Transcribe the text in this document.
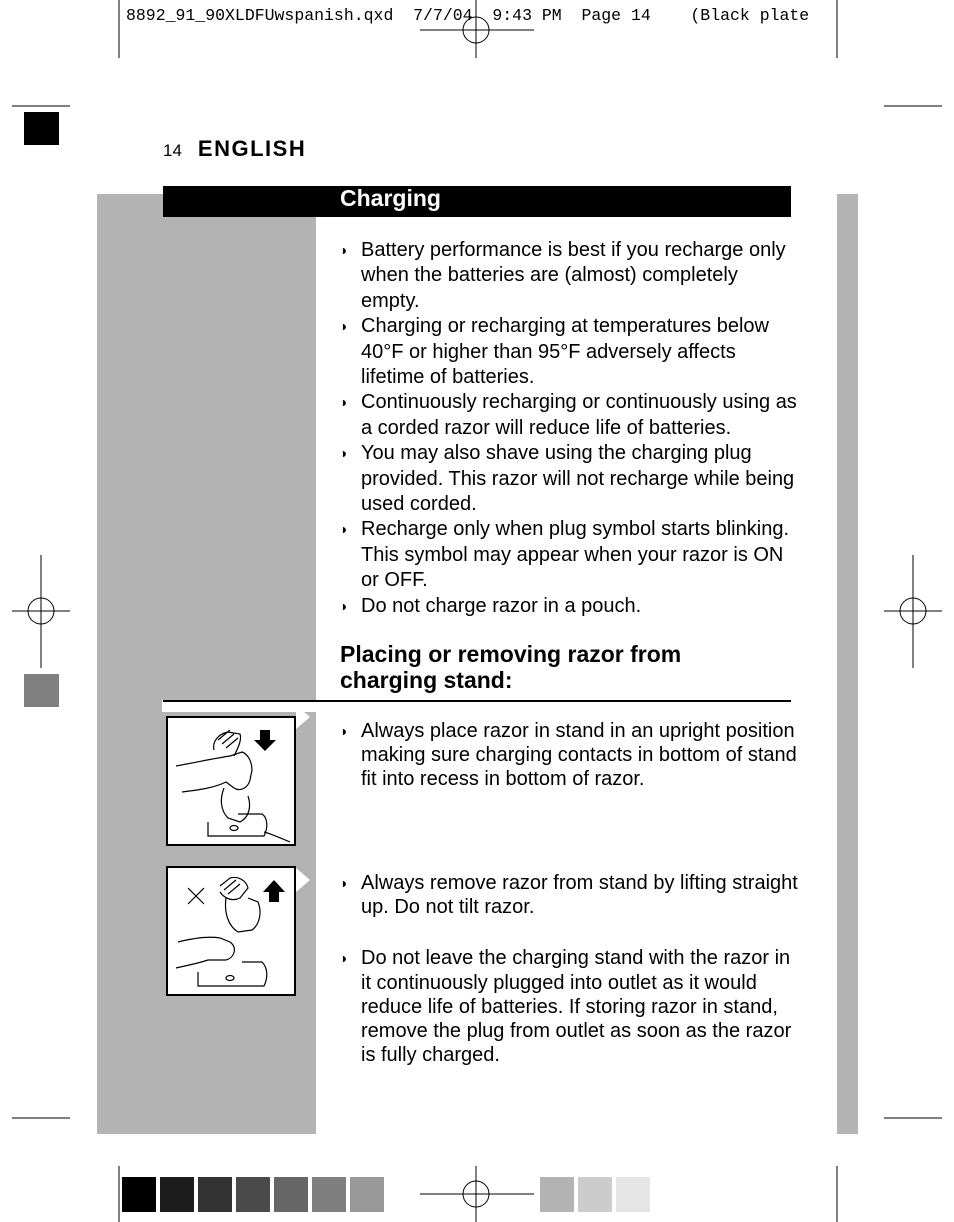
8892_91_90XLDFUwspanish.qxd  7/7/04  9:43 PM  Page 14    (Black plate
14 ENGLISH
Charging
◗ Battery performance is best if you recharge only when the batteries are (almost) completely empty.
◗ Charging or recharging at temperatures below 40°F or higher than 95°F adversely affects lifetime of batteries.
◗ Continuously recharging or continuously using as a corded razor will reduce life of batteries.
◗ You may also shave using the charging plug provided. This razor will not recharge while being used corded.
◗ Recharge only when plug symbol starts blinking. This symbol may appear when your razor is ON or OFF.
◗ Do not charge razor in a pouch.
Placing or removing razor from charging stand:
◗ Always place razor in stand in an upright position making sure charging contacts in bottom of stand fit into recess in bottom of razor.
◗ Always remove razor from stand by lifting straight up. Do not tilt razor.
◗ Do not leave the charging stand with the razor in it continuously plugged into outlet as it would reduce life of batteries. If storing razor in stand, remove the plug from outlet as soon as the razor is fully charged.
